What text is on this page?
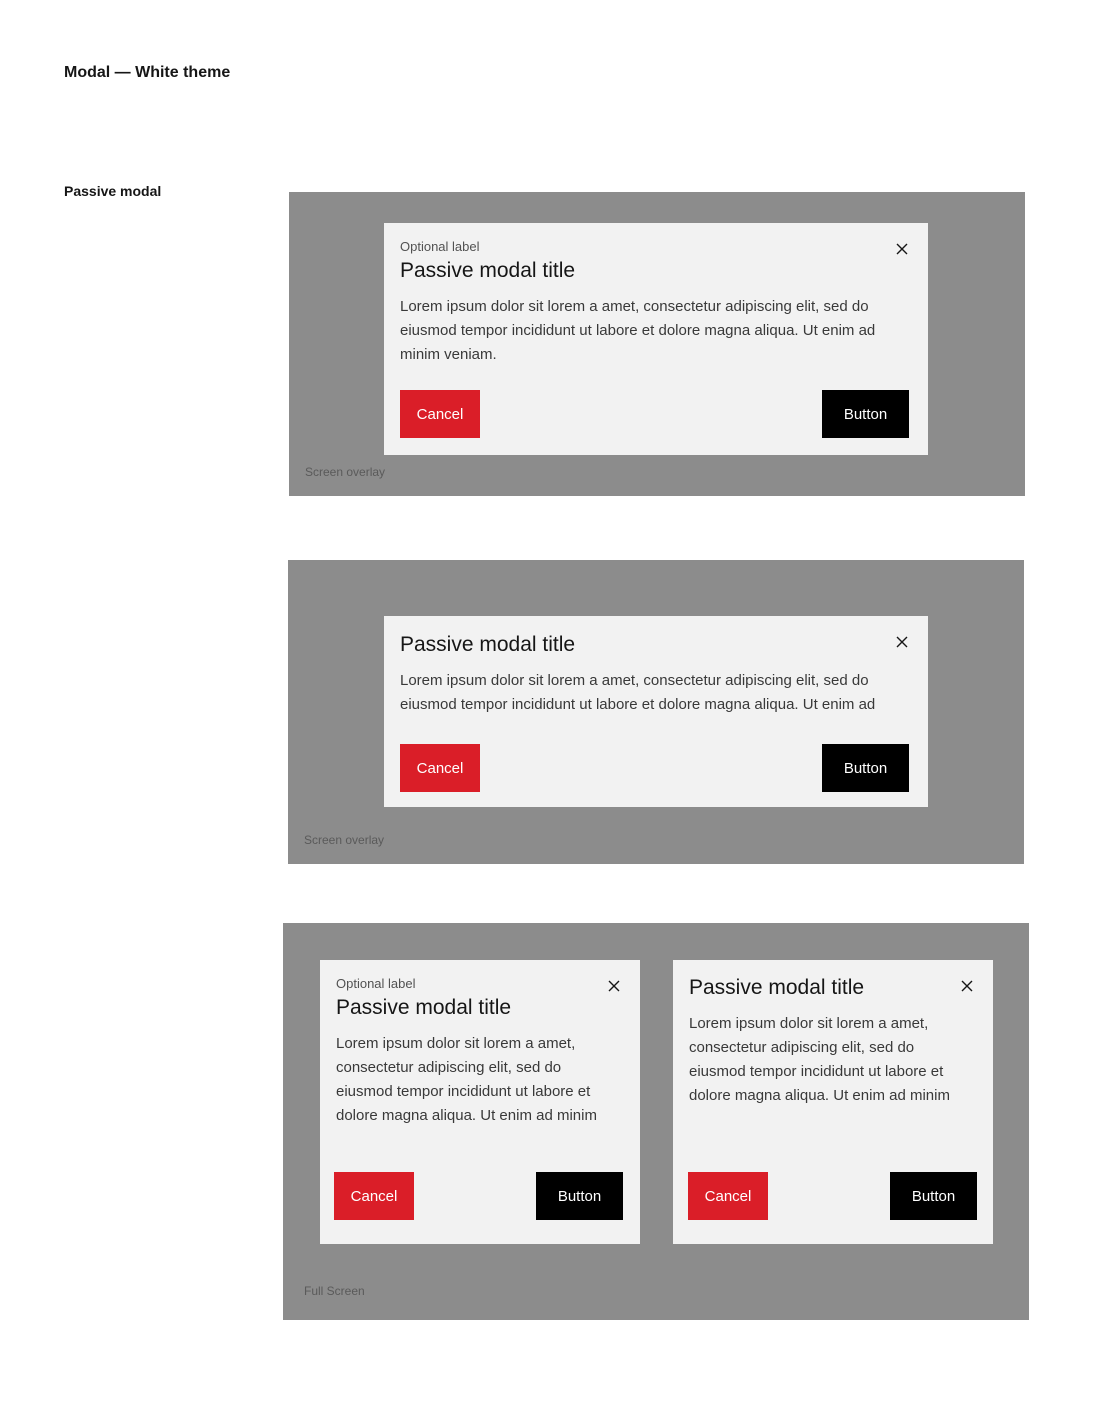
Modal — White theme
Passive modal
Optional label
Passive modal title
Lorem ipsum dolor sit lorem a amet, consectetur adipiscing elit, sed do
eiusmod tempor incididunt ut labore et dolore magna aliqua. Ut enim ad
minim veniam.
Cancel	Button
Screen overlay
Passive modal title
Lorem ipsum dolor sit lorem a amet, consectetur adipiscing elit, sed do
eiusmod tempor incididunt ut labore et dolore magna aliqua. Ut enim ad
Cancel	Button
Screen overlay
Optional label
Passive modal title
Lorem ipsum dolor sit lorem a amet,
consectetur adipiscing elit, sed do
eiusmod tempor incididunt ut labore et
dolore magna aliqua. Ut enim ad minim
Cancel	Button
Passive modal title
Lorem ipsum dolor sit lorem a amet,
consectetur adipiscing elit, sed do
eiusmod tempor incididunt ut labore et
dolore magna aliqua. Ut enim ad minim
Cancel	Button
Full Screen
